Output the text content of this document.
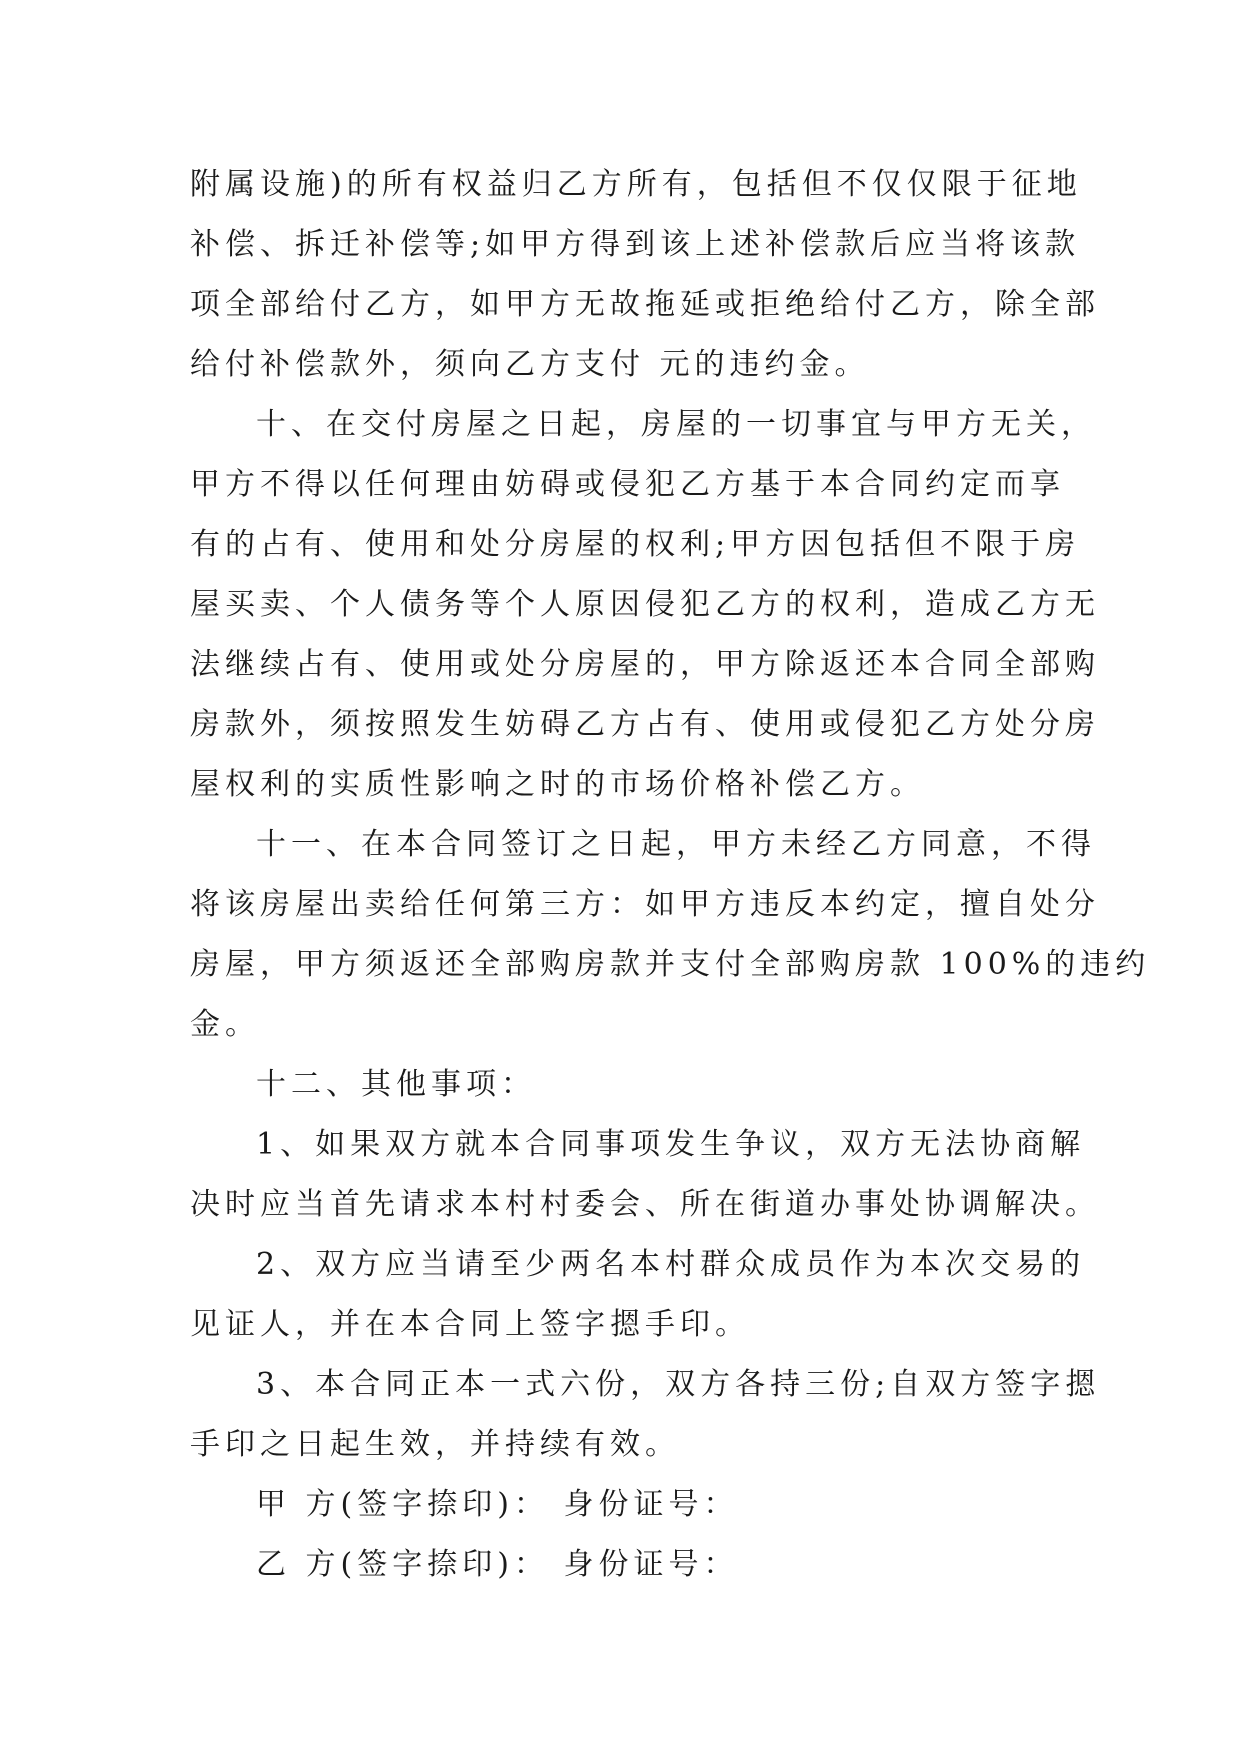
附属设施)的所有权益归乙方所有，包括但不仅仅限于征地

补偿、拆迁补偿等;如甲方得到该上述补偿款后应当将该款

项全部给付乙方，如甲方无故拖延或拒绝给付乙方，除全部

给付补偿款外，须向乙方支付 元的违约金。

十、在交付房屋之日起，房屋的一切事宜与甲方无关，

甲方不得以任何理由妨碍或侵犯乙方基于本合同约定而享

有的占有、使用和处分房屋的权利;甲方因包括但不限于房

屋买卖、个人债务等个人原因侵犯乙方的权利，造成乙方无

法继续占有、使用或处分房屋的，甲方除返还本合同全部购

房款外，须按照发生妨碍乙方占有、使用或侵犯乙方处分房

屋权利的实质性影响之时的市场价格补偿乙方。

十一、在本合同签订之日起，甲方未经乙方同意，不得

将该房屋出卖给任何第三方：如甲方违反本约定，擅自处分

房屋，甲方须返还全部购房款并支付全部购房款 100%的违约

金。

十二、其他事项：

1、如果双方就本合同事项发生争议，双方无法协商解

决时应当首先请求本村村委会、所在街道办事处协调解决。

2、双方应当请至少两名本村群众成员作为本次交易的

见证人，并在本合同上签字摁手印。

3、本合同正本一式六份，双方各持三份;自双方签字摁

手印之日起生效，并持续有效。

甲 方(签字捺印)： 身份证号：

乙 方(签字捺印)： 身份证号：
